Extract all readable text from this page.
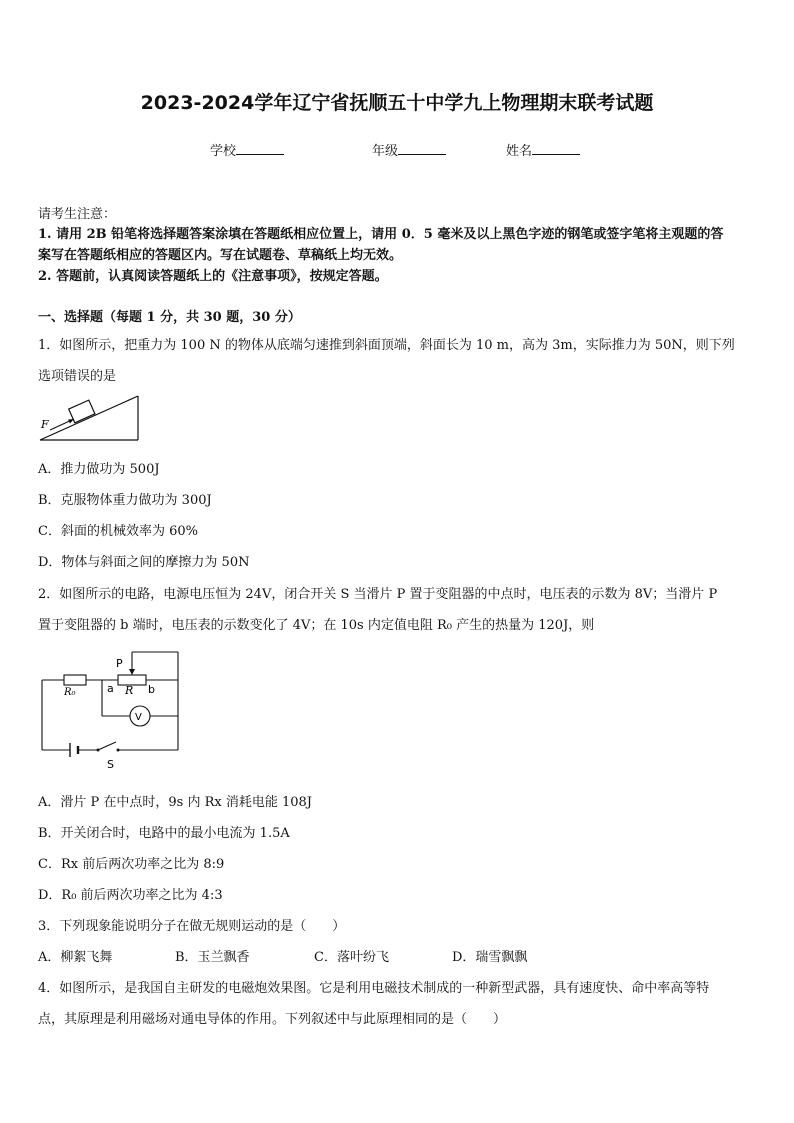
2023-2024学年辽宁省抚顺五十中学九上物理期末联考试题
学校	年级	姓名
请考生注意：
1. 请用 2B 铅笔将选择题答案涂填在答题纸相应位置上，请用 0．5 毫米及以上黑色字迹的钢笔或签字笔将主观题的答
案写在答题纸相应的答题区内。写在试题卷、草稿纸上均无效。
2. 答题前，认真阅读答题纸上的《注意事项》，按规定答题。
一、选择题（每题 1 分，共 30 题，30 分）
1．如图所示，把重力为 100 N 的物体从底端匀速推到斜面顶端，斜面长为 10 m，高为 3m，实际推力为 50N，则下列
选项错误的是
F
A．推力做功为 500J
B．克服物体重力做功为 300J
C．斜面的机械效率为 60%
D．物体与斜面之间的摩擦力为 50N
2．如图所示的电路，电源电压恒为 24V，闭合开关 S 当滑片 P 置于变阻器的中点时，电压表的示数为 8V；当滑片 P
置于变阻器的 b 端时，电压表的示数变化了 4V；在 10s 内定值电阻 R₀ 产生的热量为 120J，则
P
R₀	a R b
V
S
A．滑片 P 在中点时，9s 内 Rx 消耗电能 108J
B．开关闭合时，电路中的最小电流为 1.5A
C．Rx 前后两次功率之比为 8:9
D．R₀ 前后两次功率之比为 4:3
3．下列现象能说明分子在做无规则运动的是（　　）
A．柳絮飞舞	B．玉兰飘香	C．落叶纷飞	D．瑞雪飘飘
4．如图所示，是我国自主研发的电磁炮效果图。它是利用电磁技术制成的一种新型武器，具有速度快、命中率高等特
点，其原理是利用磁场对通电导体的作用。下列叙述中与此原理相同的是（　　）
